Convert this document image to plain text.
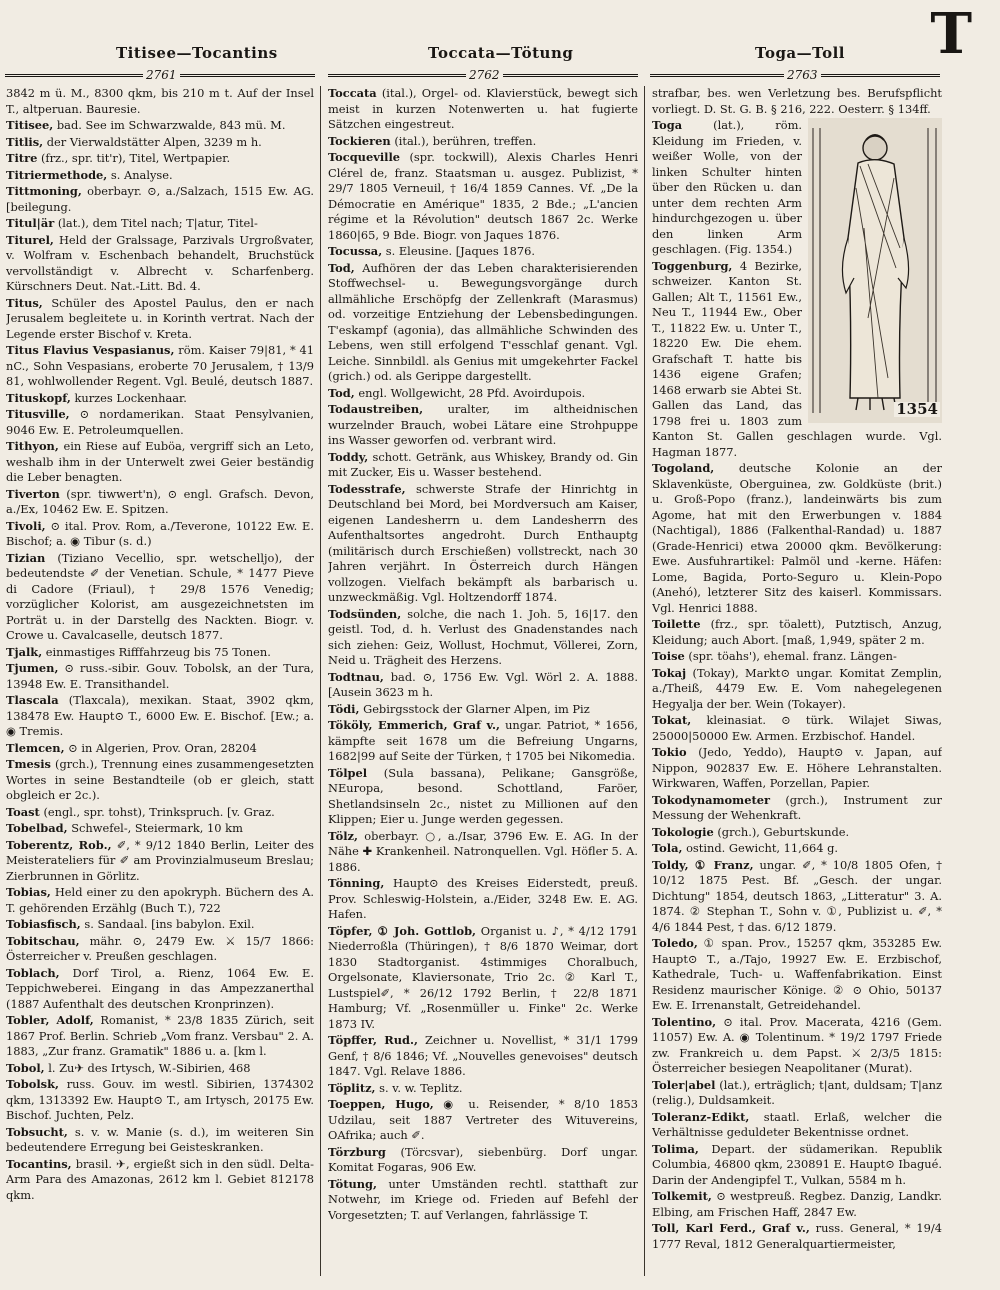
Titisee—Tocantins	Toccata—Tötung	Toga—Toll T
2761	2762	2763

3842 m ü. M., 8300 qkm, bis 210 m t. Auf der Insel T., altperuan. Bauresie.

Titisee, bad. See im Schwarzwalde, 843 mü. M.

Titlis, der Vierwaldstätter Alpen, 3239 m h.

Titre (frz., spr. tit'r), Titel, Wertpapier.

Titriermethode, s. Analyse.

Tittmoning, oberbayr. ⊙, a./Salzach, 1515 Ew. AG. [beilegung.

Titul|är (lat.), dem Titel nach; T|atur, Titel-

Titurel, Held der Gralssage, Parzivals Urgroßvater, v. Wolfram v. Eschenbach behandelt, Bruchstück vervollständigt v. Albrecht v. Scharfenberg. Kürschners Deut. Nat.-Litt. Bd. 4.

Titus, Schüler des Apostel Paulus, den er nach Jerusalem begleitete u. in Korinth vertrat. Nach der Legende erster Bischof v. Kreta.

Titus Flavius Vespasianus, röm. Kaiser 79|81, * 41 nC., Sohn Vespasians, eroberte 70 Jerusalem, † 13/9 81, wohlwollender Regent. Vgl. Beulé, deutsch 1887.

Tituskopf, kurzes Lockenhaar.

Titusville, ⊙ nordamerikan. Staat Pensylvanien, 9046 Ew. E. Petroleumquellen.

Tithyon, ein Riese auf Euböa, vergriff sich an Leto, weshalb ihm in der Unterwelt zwei Geier beständig die Leber benagten.

Tiverton (spr. tiwwert'n), ⊙ engl. Grafsch. Devon, a./Ex, 10462 Ew. E. Spitzen.

Tivoli, ⊙ ital. Prov. Rom, a./Teverone, 10122 Ew. E. Bischof; a. ◉ Tibur (s. d.)

Tizian (Tiziano Vecellio, spr. wetschelljo), der bedeutendste ✐ der Venetian. Schule, * 1477 Pieve di Cadore (Friaul), † 29/8 1576 Venedig; vorzüglicher Kolorist, am ausgezeichnetsten im Porträt u. in der Darstellg des Nackten. Biogr. v. Crowe u. Cavalcaselle, deutsch 1877.

Tjalk, einmastiges Rifffahrzeug bis 75 Tonen.

Tjumen, ⊙ russ.-sibir. Gouv. Tobolsk, an der Tura, 13948 Ew. E. Transithandel.

Tlascala (Tlaxcala), mexikan. Staat, 3902 qkm, 138478 Ew. Haupt⊙ T., 6000 Ew. E. Bischof. [Ew.; a. ◉ Tremis.

Tlemcen, ⊙ in Algerien, Prov. Oran, 28204

Tmesis (grch.), Trennung eines zusammengesetzten Wortes in seine Bestandteile (ob er gleich, statt obgleich er 2c.).

Toast (engl., spr. tohst), Trinkspruch. [v. Graz.

Tobelbad, Schwefel-, Steiermark, 10 km

Toberentz, Rob., ✐, * 9/12 1840 Berlin, Leiter des Meisterateliers für ✐ am Provinzialmuseum Breslau; Zierbrunnen in Görlitz.

Tobias, Held einer zu den apokryph. Büchern des A. T. gehörenden Erzählg (Buch T.), 722

Tobiasfisch, s. Sandaal. [ins babylon. Exil.

Tobitschau, mähr. ⊙, 2479 Ew. ⚔ 15/7 1866: Österreicher v. Preußen geschlagen.

Toblach, Dorf Tirol, a. Rienz, 1064 Ew. E. Teppichweberei. Eingang in das Ampezzanerthal (1887 Aufenthalt des deutschen Kronprinzen).

Tobler, Adolf, Romanist, * 23/8 1835 Zürich, seit 1867 Prof. Berlin. Schrieb „Vom franz. Versbau" 2. A. 1883, „Zur franz. Gramatik" 1886 u. a. [km l.

Tobol, l. Zu✈ des Irtysch, W.-Sibirien, 468

Tobolsk, russ. Gouv. im westl. Sibirien, 1374302 qkm, 1313392 Ew. Haupt⊙ T., am Irtysch, 20175 Ew. Bischof. Juchten, Pelz.

Tobsucht, s. v. w. Manie (s. d.), im weiteren Sin bedeutendere Erregung bei Geisteskranken.

Tocantins, brasil. ✈, ergießt sich in den südl. Delta-Arm Para des Amazonas, 2612 km l. Gebiet 812178 qkm.

Toccata (ital.), Orgel- od. Klavierstück, bewegt sich meist in kurzen Notenwerten u. hat fugierte Sätzchen eingestreut.

Tockieren (ital.), berühren, treffen.

Tocqueville (spr. tockwill), Alexis Charles Henri Clérel de, franz. Staatsman u. ausgez. Publizist, * 29/7 1805 Verneuil, † 16/4 1859 Cannes. Vf. „De la Démocratie en Amérique" 1835, 2 Bde.; „L'ancien régime et la Révolution" deutsch 1867 2c. Werke 1860|65, 9 Bde. Biogr. von Jaques 1876.

Tocussa, s. Eleusine. [Jaques 1876.

Tod, Aufhören der das Leben charakterisierenden Stoffwechsel- u. Bewegungsvorgänge durch allmähliche Erschöpfg der Zellenkraft (Marasmus) od. vorzeitige Entziehung der Lebensbedingungen. T'eskampf (agonia), das allmähliche Schwinden des Lebens, wen still erfolgend T'esschlaf genant. Vgl. Leiche. Sinnbildl. als Genius mit umgekehrter Fackel (grich.) od. als Gerippe dargestellt.

Tod, engl. Wollgewicht, 28 Pfd. Avoirdupois.

Todaustreiben, uralter, im altheidnischen wurzelnder Brauch, wobei Lätare eine Strohpuppe ins Wasser geworfen od. verbrant wird.

Toddy, schott. Getränk, aus Whiskey, Brandy od. Gin mit Zucker, Eis u. Wasser bestehend.

Todesstrafe, schwerste Strafe der Hinrichtg in Deutschland bei Mord, bei Mordversuch am Kaiser, eigenen Landesherrn u. dem Landesherrn des Aufenthaltsortes angedroht. Durch Enthauptg (militärisch durch Erschießen) vollstreckt, nach 30 Jahren verjährt. In Österreich durch Hängen vollzogen. Vielfach bekämpft als barbarisch u. unzweckmäßig. Vgl. Holtzendorff 1874.

Todsünden, solche, die nach 1. Joh. 5, 16|17. den geistl. Tod, d. h. Verlust des Gnadenstandes nach sich ziehen: Geiz, Wollust, Hochmut, Völlerei, Zorn, Neid u. Trägheit des Herzens.

Todtnau, bad. ⊙, 1756 Ew. Vgl. Wörl 2. A. 1888. [Ausein 3623 m h.

Tödi, Gebirgsstock der Glarner Alpen, im Piz

Tököly, Emmerich, Graf v., ungar. Patriot, * 1656, kämpfte seit 1678 um die Befreiung Ungarns, 1682|99 auf Seite der Türken, † 1705 bei Nikomedia.

Tölpel (Sula bassana), Pelikane; Gansgröße, NEuropa, besond. Schottland, Faröer, Shetlandsinseln 2c., nistet zu Millionen auf den Klippen; Eier u. Junge werden gegessen.

Tölz, oberbayr. ○, a./Isar, 3796 Ew. E. AG. In der Nähe ✚ Krankenheil. Natronquellen. Vgl. Höfler 5. A. 1886.

Tönning, Haupt⊙ des Kreises Eiderstedt, preuß. Prov. Schleswig-Holstein, a./Eider, 3248 Ew. E. AG. Hafen.

Töpfer, ① Joh. Gottlob, Organist u. ♪, * 4/12 1791 Niederroßla (Thüringen), † 8/6 1870 Weimar, dort 1830 Stadtorganist. 4stimmiges Choralbuch, Orgelsonate, Klaviersonate, Trio 2c. ② Karl T., Lustspiel✐, * 26/12 1792 Berlin, † 22/8 1871 Hamburg; Vf. „Rosenmüller u. Finke" 2c. Werke 1873 IV.

Töpffer, Rud., Zeichner u. Novellist, * 31/1 1799 Genf, † 8/6 1846; Vf. „Nouvelles genevoises" deutsch 1847. Vgl. Relave 1886.

Töplitz, s. v. w. Teplitz.

Toeppen, Hugo, ◉ u. Reisender, * 8/10 1853 Udzilau, seit 1887 Vertreter des Wituvereins, OAfrika; auch ✐.

Törzburg (Törcsvar), siebenbürg. Dorf ungar. Komitat Fogaras, 906 Ew.

Tötung, unter Umständen rechtl. statthaft zur Notwehr, im Kriege od. Frieden auf Befehl der Vorgesetzten; T. auf Verlangen, fahrlässige T.

strafbar, bes. wen Verletzung bes. Berufspflicht vorliegt. D. St. G. B. § 216, 222. Oesterr. § 134ff.

1354

Toga	(lat.), röm. Kleidung im Frieden, v. weißer Wolle, von der linken Schulter hinten über den Rücken u. dan unter dem rechten Arm hindurchgezogen u. über den linken Arm geschlagen. (Fig. 1354.)

Toggenburg, 4 Bezirke, schweizer. Kanton St. Gallen; Alt T., 11561 Ew., Neu T., 11944 Ew., Ober T., 11822 Ew. u. Unter T., 18220 Ew. Die ehem. Grafschaft T. hatte bis 1436 eigene Grafen; 1468 erwarb sie Abtei St. Gallen das Land, das 1798 frei u. 1803 zum Kanton St. Gallen geschlagen wurde. Vgl. Hagman 1877.

Togoland, deutsche Kolonie an der Sklavenküste, Oberguinea, zw. Goldküste (brit.) u. Groß-Popo (franz.), landeinwärts bis zum Agome, hat mit den Erwerbungen v. 1884 (Nachtigal), 1886 (Falkenthal-Randad) u. 1887 (Grade-Henrici) etwa 20000 qkm. Bevölkerung: Ewe. Ausfuhrartikel: Palmöl und -kerne. Häfen: Lome, Bagida, Porto-Seguro u. Klein-Popo (Anehó), letzterer Sitz des kaiserl. Kommissars. Vgl. Henrici 1888.

Toilette (frz., spr. töalett), Putztisch, Anzug, Kleidung; auch Abort. [maß, 1,949, später 2 m.

Toise (spr. töahs'), ehemal. franz. Längen-

Tokaj (Tokay), Markt⊙ ungar. Komitat Zemplin, a./Theiß, 4479 Ew. E. Vom nahegelegenen Hegyalja der ber. Wein (Tokayer).

Tokat, kleinasiat. ⊙ türk. Wilajet Siwas, 25000|50000 Ew. Armen. Erzbischof. Handel.

Tokio (Jedo, Yeddo), Haupt⊙ v. Japan, auf Nippon, 902837 Ew. E. Höhere Lehranstalten. Wirkwaren, Waffen, Porzellan, Papier.

Tokodynamometer (grch.), Instrument zur Messung der Wehenkraft.

Tokologie (grch.), Geburtskunde.

Tola, ostind. Gewicht, 11,664 g.

Toldy, ① Franz, ungar. ✐, * 10/8 1805 Ofen, † 10/12 1875 Pest. Bf. „Gesch. der ungar. Dichtung" 1854, deutsch 1863, „Litteratur" 3. A. 1874. ② Stephan T., Sohn v. ①, Publizist u. ✐, * 4/6 1844 Pest, † das. 6/12 1879.

Toledo, ① span. Prov., 15257 qkm, 353285 Ew. Haupt⊙ T., a./Tajo, 19927 Ew. E. Erzbischof, Kathedrale, Tuch- u. Waffenfabrikation. Einst Residenz maurischer Könige. ② ⊙ Ohio, 50137 Ew. E. Irrenanstalt, Getreidehandel.

Tolentino, ⊙ ital. Prov. Macerata, 4216 (Gem. 11057) Ew. A. ◉ Tolentinum. * 19/2 1797 Friede zw. Frankreich u. dem Papst. ⚔ 2/3/5 1815: Österreicher besiegen Neapolitaner (Murat).

Toler|abel (lat.), erträglich; t|ant, duldsam; T|anz (relig.), Duldsamkeit.

Toleranz-Edikt, staatl. Erlaß, welcher die Verhältnisse geduldeter Bekentnisse ordnet.

Tolima, Depart. der südamerikan. Republik Columbia, 46800 qkm, 230891 E. Haupt⊙ Ibagué. Darin der Andengipfel T., Vulkan, 5584 m h.

Tolkemit, ⊙ westpreuß. Regbez. Danzig, Landkr. Elbing, am Frischen Haff, 2847 Ew.

Toll, Karl Ferd., Graf v., russ. General, * 19/4 1777 Reval, 1812 Generalquartiermeister,
